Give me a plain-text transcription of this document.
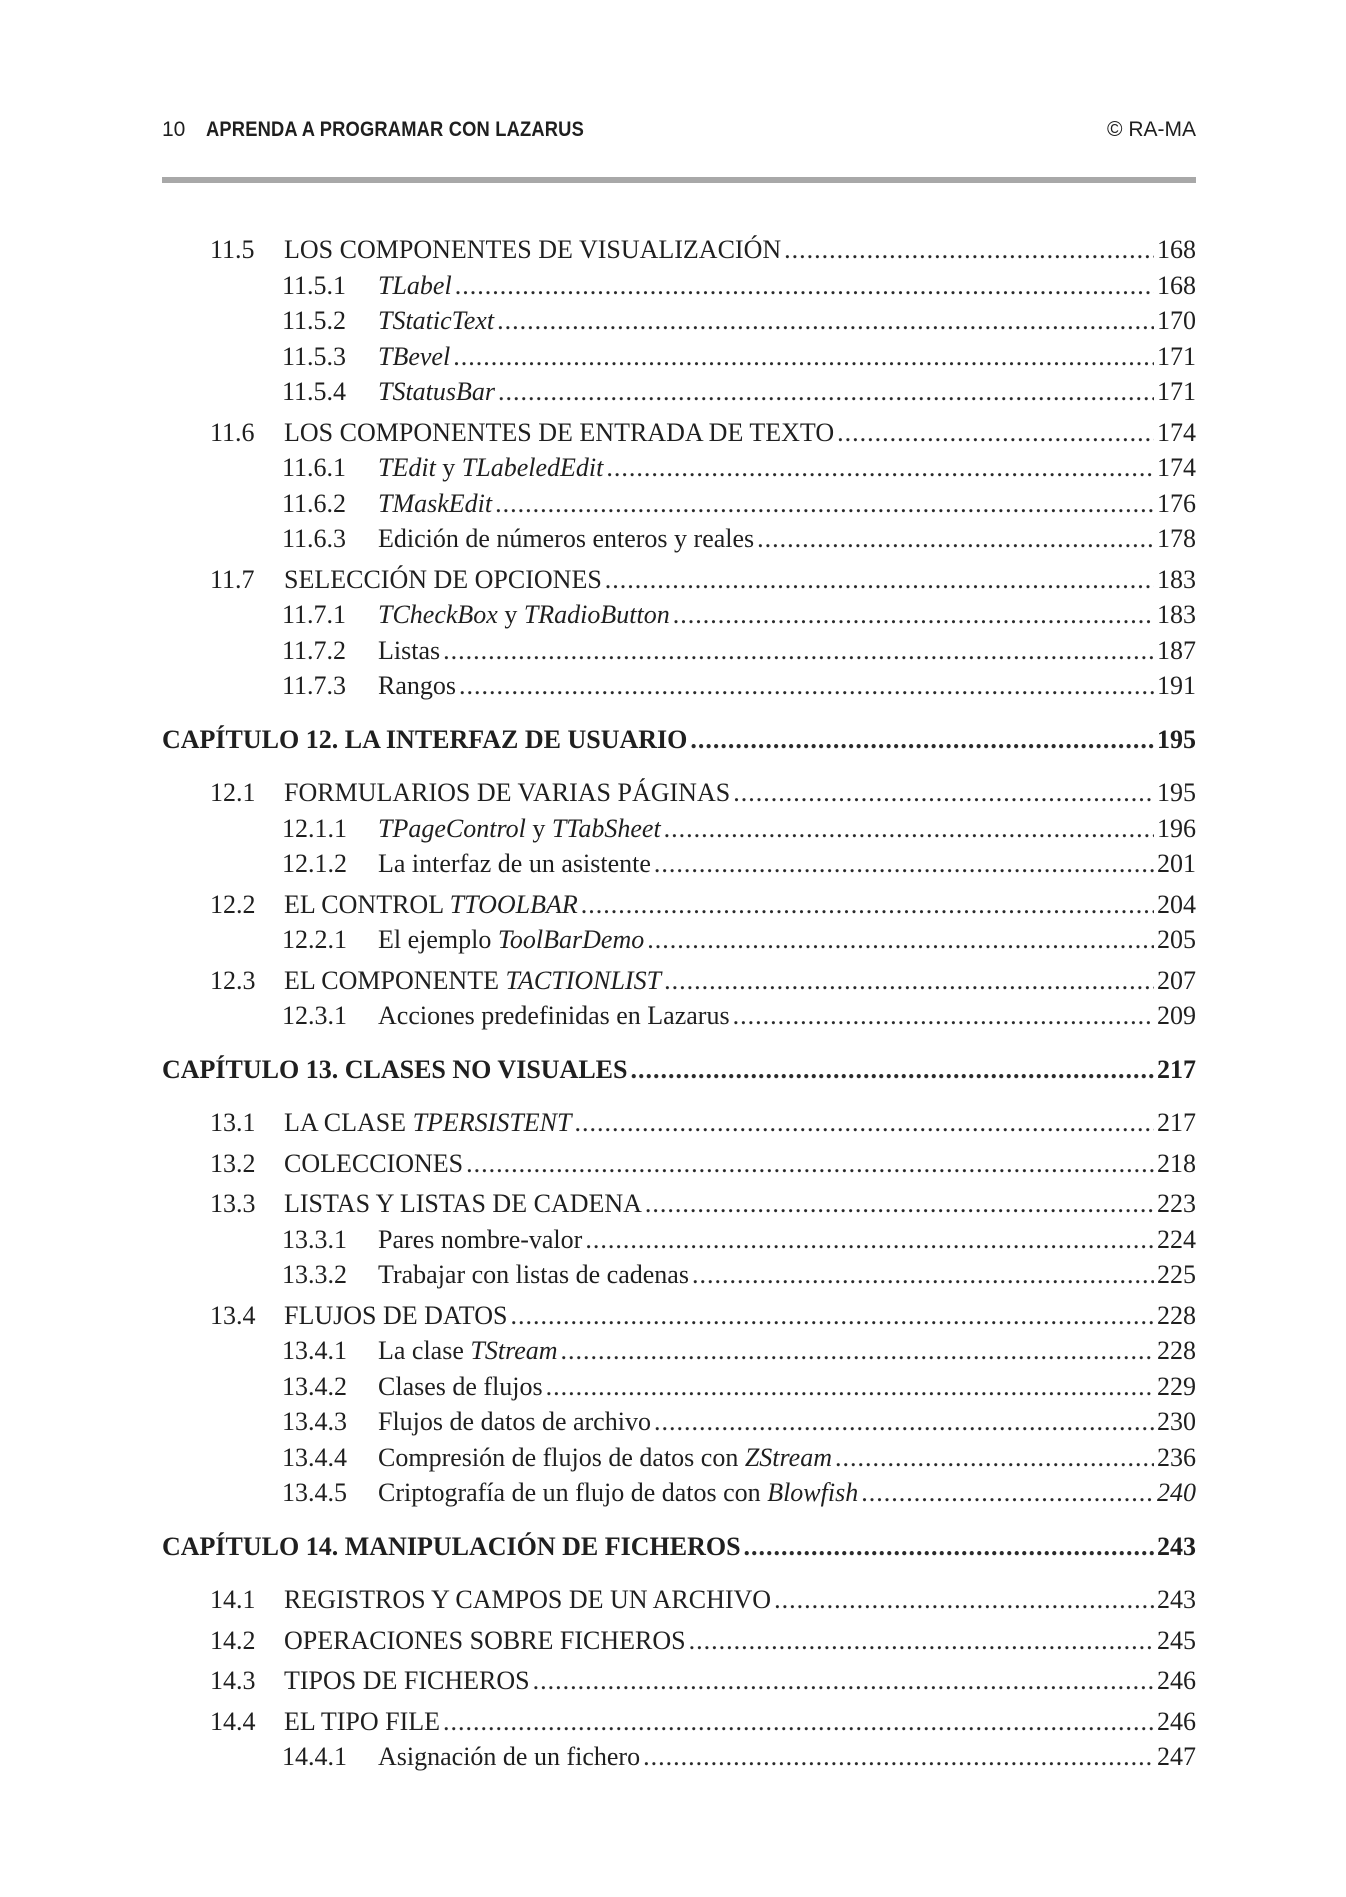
10 APRENDA A PROGRAMAR CON LAZARUS	© RA-MA
11.5	LOS COMPONENTES DE VISUALIZACIÓN .....	168
11.5.1	TLabel .....	168
11.5.2	TStaticText .....	170
11.5.3	TBevel .....	171
11.5.4	TStatusBar .....	171
11.6	LOS COMPONENTES DE ENTRADA DE TEXTO .....	174
11.6.1	TEdit y TLabeledEdit .....	174
11.6.2	TMaskEdit .....	176
11.6.3	Edición de números enteros y reales .....	178
11.7	SELECCIÓN DE OPCIONES .....	183
11.7.1	TCheckBox y TRadioButton .....	183
11.7.2	Listas .....	187
11.7.3	Rangos .....	191
CAPÍTULO 12. LA INTERFAZ DE USUARIO .....	195
12.1	FORMULARIOS DE VARIAS PÁGINAS .....	195
12.1.1	TPageControl y TTabSheet .....	196
12.1.2	La interfaz de un asistente .....	201
12.2	EL CONTROL TTOOLBAR .....	204
12.2.1	El ejemplo ToolBarDemo .....	205
12.3	EL COMPONENTE TACTIONLIST .....	207
12.3.1	Acciones predefinidas en Lazarus .....	209
CAPÍTULO 13. CLASES NO VISUALES .....	217
13.1	LA CLASE TPERSISTENT .....	217
13.2	COLECCIONES .....	218
13.3	LISTAS Y LISTAS DE CADENA .....	223
13.3.1	Pares nombre-valor .....	224
13.3.2	Trabajar con listas de cadenas .....	225
13.4	FLUJOS DE DATOS .....	228
13.4.1	La clase TStream .....	228
13.4.2	Clases de flujos .....	229
13.4.3	Flujos de datos de archivo .....	230
13.4.4	Compresión de flujos de datos con ZStream .....	236
13.4.5	Criptografía de un flujo de datos con Blowfish .....	240
CAPÍTULO 14. MANIPULACIÓN DE FICHEROS .....	243
14.1	REGISTROS Y CAMPOS DE UN ARCHIVO .....	243
14.2	OPERACIONES SOBRE FICHEROS .....	245
14.3	TIPOS DE FICHEROS .....	246
14.4	EL TIPO FILE .....	246
14.4.1	Asignación de un fichero .....	247
